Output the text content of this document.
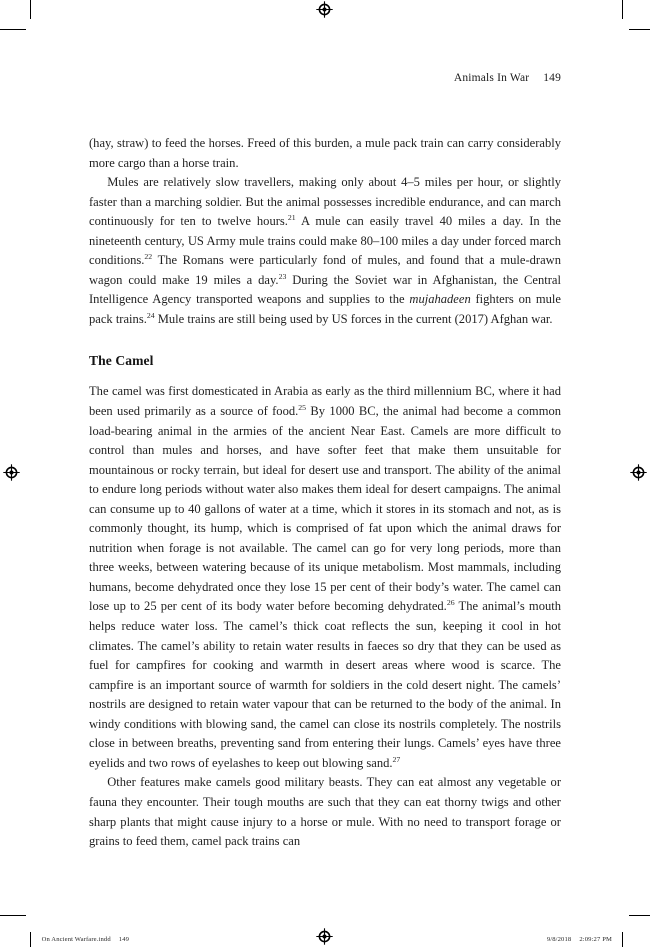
Animals In War 149

(hay, straw) to feed the horses. Freed of this burden, a mule pack train can carry considerably more cargo than a horse train.

Mules are relatively slow travellers, making only about 4–5 miles per hour, or slightly faster than a marching soldier. But the animal possesses incredible endurance, and can march continuously for ten to twelve hours.$^{21}$ A mule can easily travel 40 miles a day. In the nineteenth century, US Army mule trains could make 80–100 miles a day under forced march conditions.$^{22}$ The Romans were particularly fond of mules, and found that a mule-drawn wagon could make 19 miles a day.$^{23}$ During the Soviet war in Afghanistan, the Central Intelligence Agency transported weapons and supplies to the mujahadeen fighters on mule pack trains.$^{24}$ Mule trains are still being used by US forces in the current (2017) Afghan war.

The Camel

The camel was first domesticated in Arabia as early as the third millennium BC, where it had been used primarily as a source of food.$^{25}$ By 1000 BC, the animal had become a common load-bearing animal in the armies of the ancient Near East. Camels are more difficult to control than mules and horses, and have softer feet that make them unsuitable for mountainous or rocky terrain, but ideal for desert use and transport. The ability of the animal to endure long periods without water also makes them ideal for desert campaigns. The animal can consume up to 40 gallons of water at a time, which it stores in its stomach and not, as is commonly thought, its hump, which is comprised of fat upon which the animal draws for nutrition when forage is not available. The camel can go for very long periods, more than three weeks, between watering because of its unique metabolism. Most mammals, including humans, become dehydrated once they lose 15 per cent of their body’s water. The camel can lose up to 25 per cent of its body water before becoming dehydrated.$^{26}$ The animal’s mouth helps reduce water loss. The camel’s thick coat reflects the sun, keeping it cool in hot climates. The camel’s ability to retain water results in faeces so dry that they can be used as fuel for campfires for cooking and warmth in desert areas where wood is scarce. The campfire is an important source of warmth for soldiers in the cold desert night. The camels’ nostrils are designed to retain water vapour that can be returned to the body of the animal. In windy conditions with blowing sand, the camel can close its nostrils completely. The nostrils close in between breaths, preventing sand from entering their lungs. Camels’ eyes have three eyelids and two rows of eyelashes to keep out blowing sand.$^{27}$

Other features make camels good military beasts. They can eat almost any vegetable or fauna they encounter. Their tough mouths are such that they can eat thorny twigs and other sharp plants that might cause injury to a horse or mule. With no need to transport forage or grains to feed them, camel pack trains can

On Ancient Warfare.indd 149	9/8/2018 2:09:27 PM
